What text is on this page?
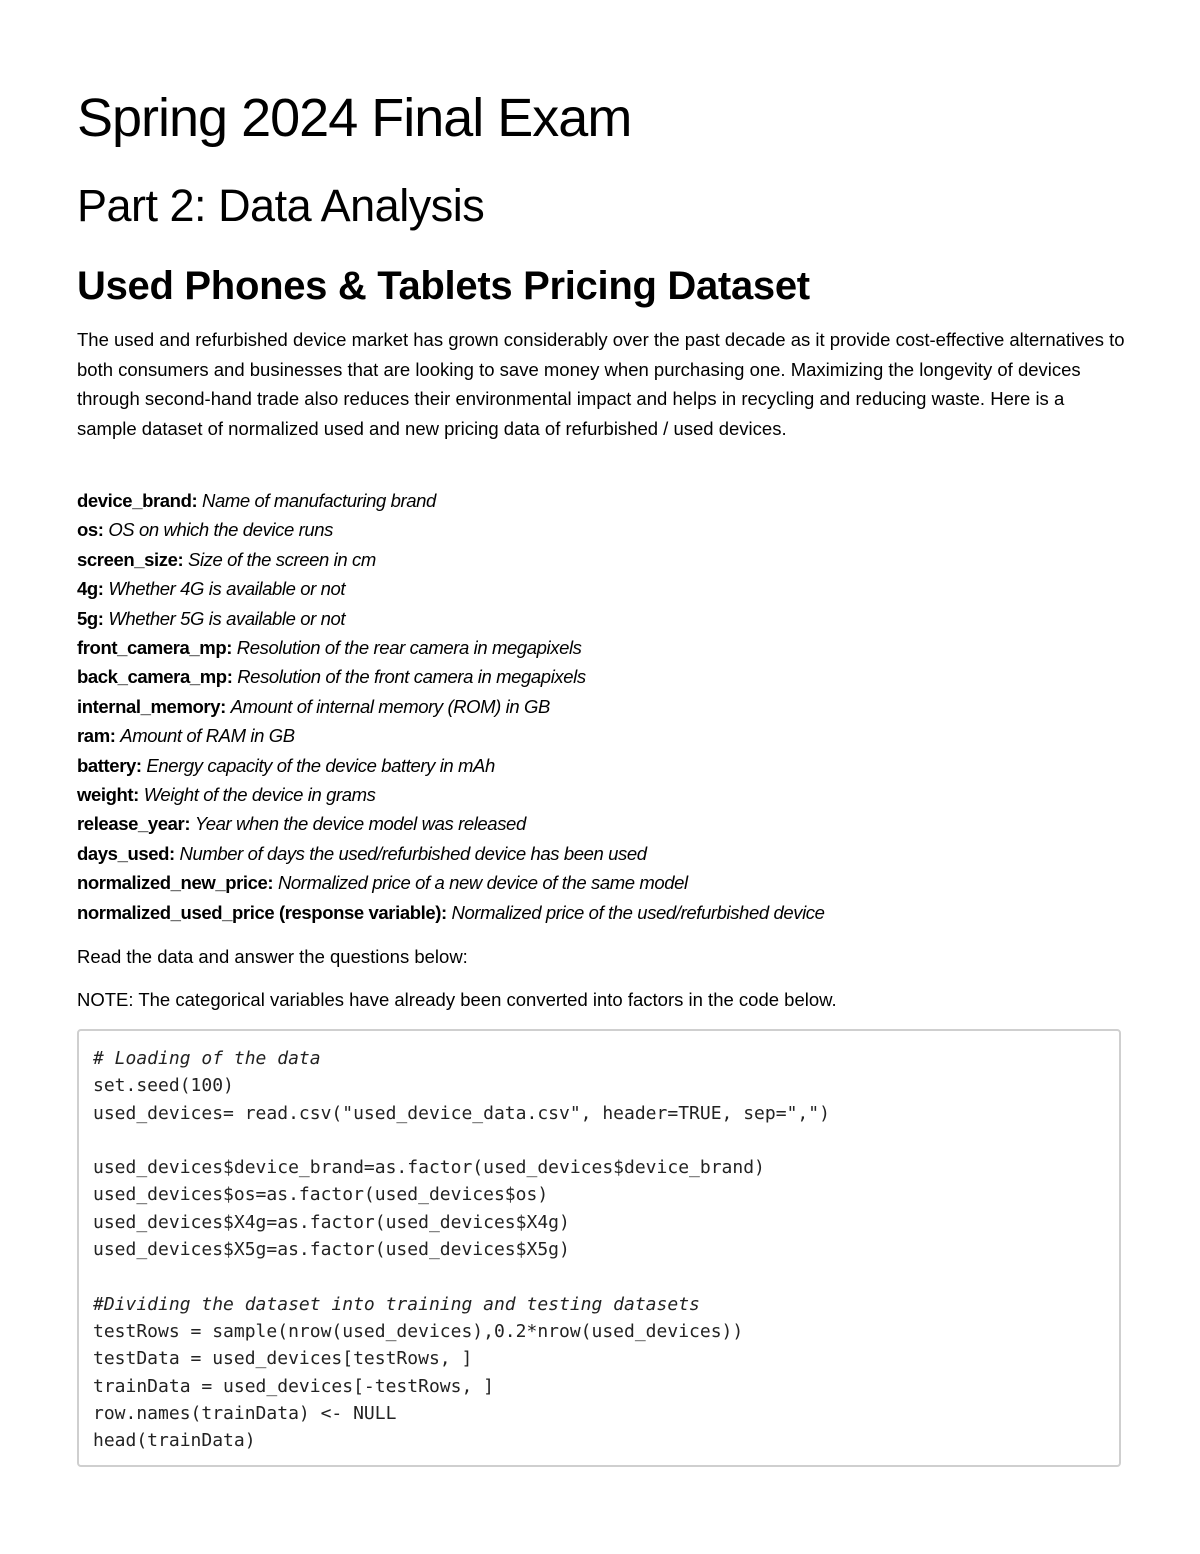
Spring 2024 Final Exam
Part 2: Data Analysis
Used Phones & Tablets Pricing Dataset

The used and refurbished device market has grown considerably over the past decade as it provide cost-effective alternatives to both consumers and businesses that are looking to save money when purchasing one. Maximizing the longevity of devices through second-hand trade also reduces their environmental impact and helps in recycling and reducing waste. Here is a sample dataset of normalized used and new pricing data of refurbished / used devices.

device_brand: Name of manufacturing brand
os: OS on which the device runs
screen_size: Size of the screen in cm
4g: Whether 4G is available or not
5g: Whether 5G is available or not
front_camera_mp: Resolution of the rear camera in megapixels
back_camera_mp: Resolution of the front camera in megapixels
internal_memory: Amount of internal memory (ROM) in GB
ram: Amount of RAM in GB
battery: Energy capacity of the device battery in mAh
weight: Weight of the device in grams
release_year: Year when the device model was released
days_used: Number of days the used/refurbished device has been used
normalized_new_price: Normalized price of a new device of the same model
normalized_used_price (response variable): Normalized price of the used/refurbished device

Read the data and answer the questions below:

NOTE: The categorical variables have already been converted into factors in the code below.

# Loading of the data
set.seed(100)
used_devices= read.csv("used_device_data.csv", header=TRUE, sep=",")
used_devices$device_brand=as.factor(used_devices$device_brand)
used_devices$os=as.factor(used_devices$os)
used_devices$X4g=as.factor(used_devices$X4g)
used_devices$X5g=as.factor(used_devices$X5g)
#Dividing the dataset into training and testing datasets
testRows = sample(nrow(used_devices),0.2*nrow(used_devices))
testData = used_devices[testRows, ]
trainData = used_devices[-testRows, ]
row.names(trainData) <- NULL
head(trainData)
